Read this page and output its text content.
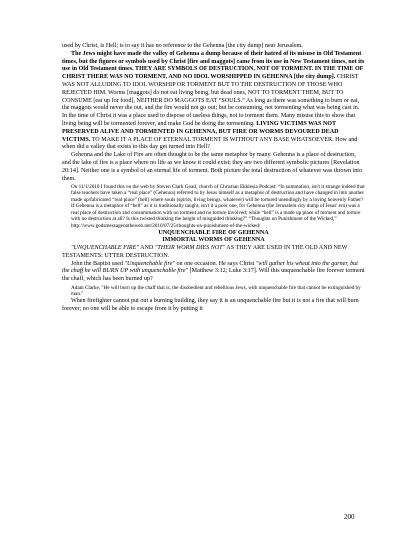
used by Christ, is Hell; is to say it has no reference to the Gehenna [the city dump] near Jerusalem.

The Jews might have made the valley of Gehenna a dump because of their hatred of its misuse in Old Testament times, but the figures or symbols used by Christ [fire and maggots] came from its use in New Testament times, not its use in Old Testament times. THEY ARE SYMBOLS OF DESTRUCTION, NOT OF TORMENT. IN THE TIME OF CHRIST THERE WAS NO TORMENT, AND NO IDOL WORSHIPPED IN GEHENNA [the city dump]. CHRIST WAS NOT ALLUDING TO IDOL WORSHIP OR TORMENT BUT TO THE DESTRUCTION OF THOSE WHO REJECTED HIM. Worms [maggots] do not eat living being, but dead ones, NOT TO TORMENT THEM, BUT TO CONSUME [eat up for food], NEITHER DO MAGGOTS EAT “SOULS.” As long as there was something to burn or eat, the maggots would never die out, and the fire would not go out; but be consuming, not tormenting what was being cast in. In the time of Christ it was a place used to dispose of useless things, not to torment them. Many misuse this to show that living being will be tormented forever, and make God be doing the tormenting. LIVING VICTIMS WAS NOT PRESERVED ALIVE AND TORMENTED IN GEHENNA, BUT FIRE OR WORMS DEVOURED DEAD VICTIMS. TO MAKE IT A PLACE OF ETERNAL TORMENT IS WITHOUT ANY BASE WHATSOEVER. How and when did a valley that exists to this day get turned into Hell?

Gehenna and the Lake of Fire are often thought to be the same metaphor by many. Gehenna is a place of destruction, and the lake of fire is a place where no life as we know it could exist; they are two different symbolic pictures [Revelation 20:14]. Neither one is a symbol of an eternal life of torment. Both picture the total destruction of whatever was thrown into them.

On 11/1/2010 I found this on the web by Steven Clark Goad, church of Christian Ekklesia Podcast: “In summation, isn't it strange indeed that false teachers have taken a “real place” (Gehenna) referred to by Jesus himself as a metaphor of destruction and have changed in into another made up/fabricated “real place” (hell) where souls (spirits, living beings, whatever) will be tortured unendingly by a loving heavenly Father? If Gehenna is a metaphor of “hell” as it is traditionally taught, isn't it a poor one, for Gehenna (the Jerusalem city dump of Jesus' era) was a real place of destruction and consummation with no torment and no torture involved; while “hell” is a made up place of torment and torture with no destruction at all? Is this twisted thinking the height of misguided thinking?” “Thoughts on Punishment of the Wicked,” http://www.godsmessageontheweb.net/2010/07/25/thoughts-on-punishment-of-the-wicked/

UNQUENCHABLE FIRE OF GEHENNA

IMMORTAL WORMS OF GEHENNA

"UNQUENCHABLE FIRE" AND "THEIR WORM DIES NOT" AS THEY ARE USED IN THE OLD AND NEW TESTAMENTS: UTTER DESTRUCTION.

John the Baptist used "Unquenchable fire" on one occasion. He says Christ "will gather his wheat into the garner, but the chaff he will BURN UP with unquenchable fire" [Matthew 3:12; Luke 3:17]. Will this unquenchable fire forever torment the chaff, which has been burned up?

Adam Clarke, "He will burn up the chaff that is, the disobedient and rebellious Jews, with unquenchable fire that cannot be extinguished by man."

When firefighter cannot put out a burning building, they say it is an unquenchable fire but it is not a fire that will burn forever; no one will be able to escape from it by putting it

200
